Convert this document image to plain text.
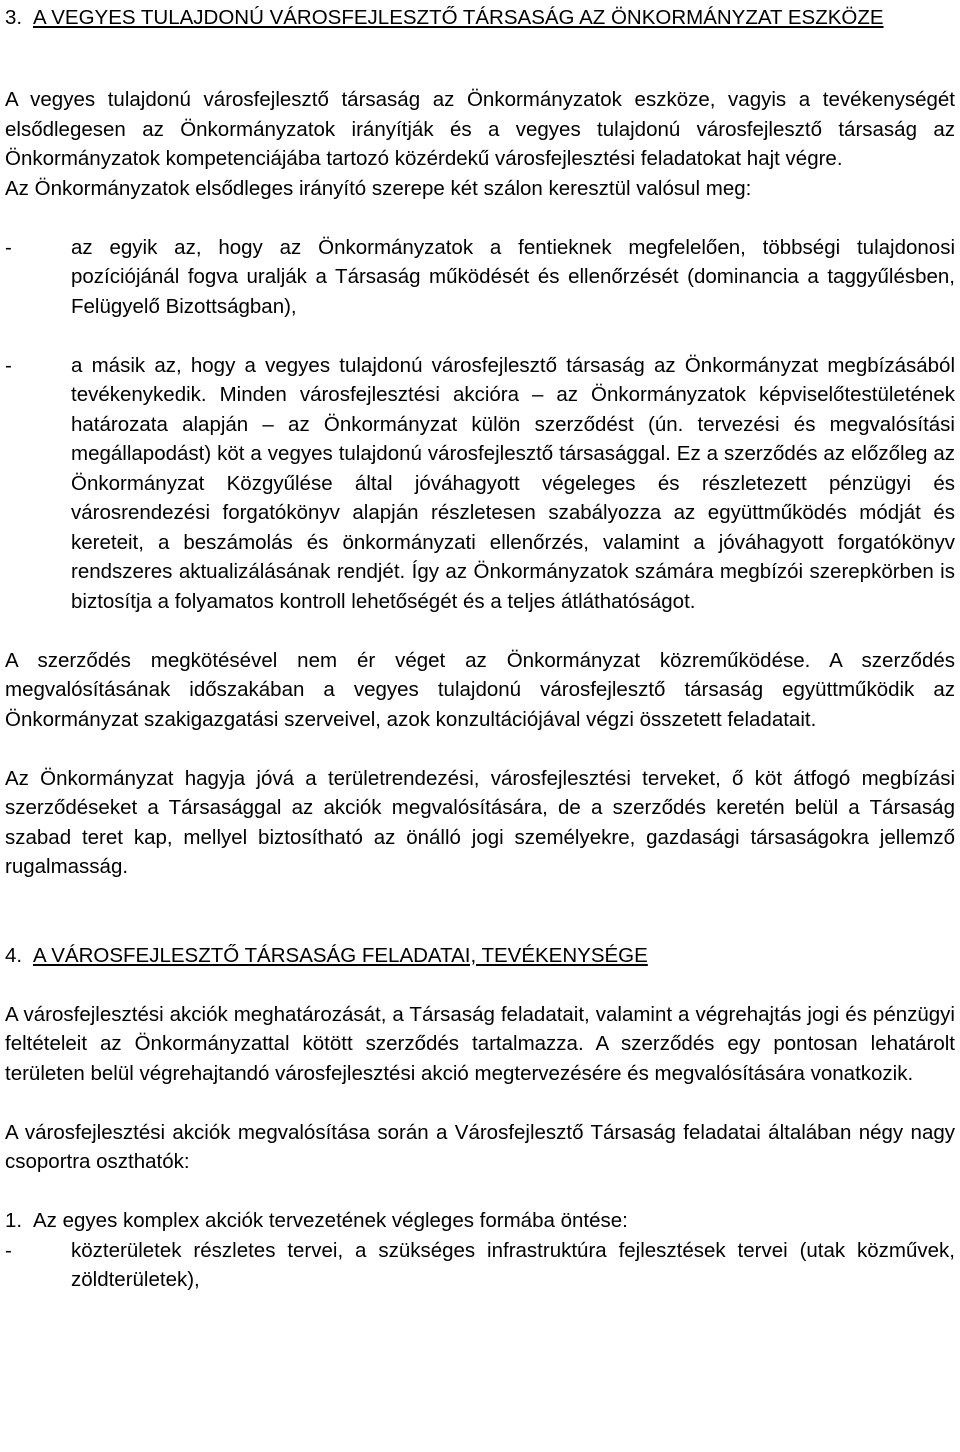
3. A VEGYES TULAJDONÚ VÁROSFEJLESZTŐ TÁRSASÁG AZ ÖNKORMÁNYZAT ESZKÖZE

A vegyes tulajdonú városfejlesztő társaság az Önkormányzatok eszköze, vagyis a tevékenységét elsődlegesen az Önkormányzatok irányítják és a vegyes tulajdonú városfejlesztő társaság az Önkormányzatok kompetenciájába tartozó közérdekű városfejlesztési feladatokat hajt végre.

Az Önkormányzatok elsődleges irányító szerepe két szálon keresztül valósul meg:

-	az egyik az, hogy az Önkormányzatok a fentieknek megfelelően, többségi tulajdonosi pozíciójánál fogva uralják a Társaság működését és ellenőrzését (dominancia a taggyűlésben, Felügyelő Bizottságban),
-	a másik az, hogy a vegyes tulajdonú városfejlesztő társaság az Önkormányzat megbízásából tevékenykedik. Minden városfejlesztési akcióra – az Önkormányzatok képviselőtestületének határozata alapján – az Önkormányzat külön szerződést (ún. tervezési és megvalósítási megállapodást) köt a vegyes tulajdonú városfejlesztő társasággal. Ez a szerződés az előzőleg az Önkormányzat Közgyűlése által jóváhagyott végeleges és részletezett pénzügyi és városrendezési forgatókönyv alapján részletesen szabályozza az együttműködés módját és kereteit, a beszámolás és önkormányzati ellenőrzés, valamint a jóváhagyott forgatókönyv rendszeres aktualizálásának rendjét. Így az Önkormányzatok számára megbízói szerepkörben is biztosítja a folyamatos kontroll lehetőségét és a teljes átláthatóságot.

A szerződés megkötésével nem ér véget az Önkormányzat közreműködése. A szerződés megvalósításának időszakában a vegyes tulajdonú városfejlesztő társaság együttműködik az Önkormányzat szakigazgatási szerveivel, azok konzultációjával végzi összetett feladatait.

Az Önkormányzat hagyja jóvá a területrendezési, városfejlesztési terveket, ő köt átfogó megbízási szerződéseket a Társasággal az akciók megvalósítására, de a szerződés keretén belül a Társaság szabad teret kap, mellyel biztosítható az önálló jogi személyekre, gazdasági társaságokra jellemző rugalmasság.

4. A VÁROSFEJLESZTŐ TÁRSASÁG FELADATAI, TEVÉKENYSÉGE

A városfejlesztési akciók meghatározását, a Társaság feladatait, valamint a végrehajtás jogi és pénzügyi feltételeit az Önkormányzattal kötött szerződés tartalmazza. A szerződés egy pontosan lehatárolt területen belül végrehajtandó városfejlesztési akció megtervezésére és megvalósítására vonatkozik.

A városfejlesztési akciók megvalósítása során a Városfejlesztő Társaság feladatai általában négy nagy csoportra oszthatók:

1. Az egyes komplex akciók tervezetének végleges formába öntése:
-	közterületek részletes tervei, a szükséges infrastruktúra fejlesztések tervei (utak közművek, zöldterületek),
